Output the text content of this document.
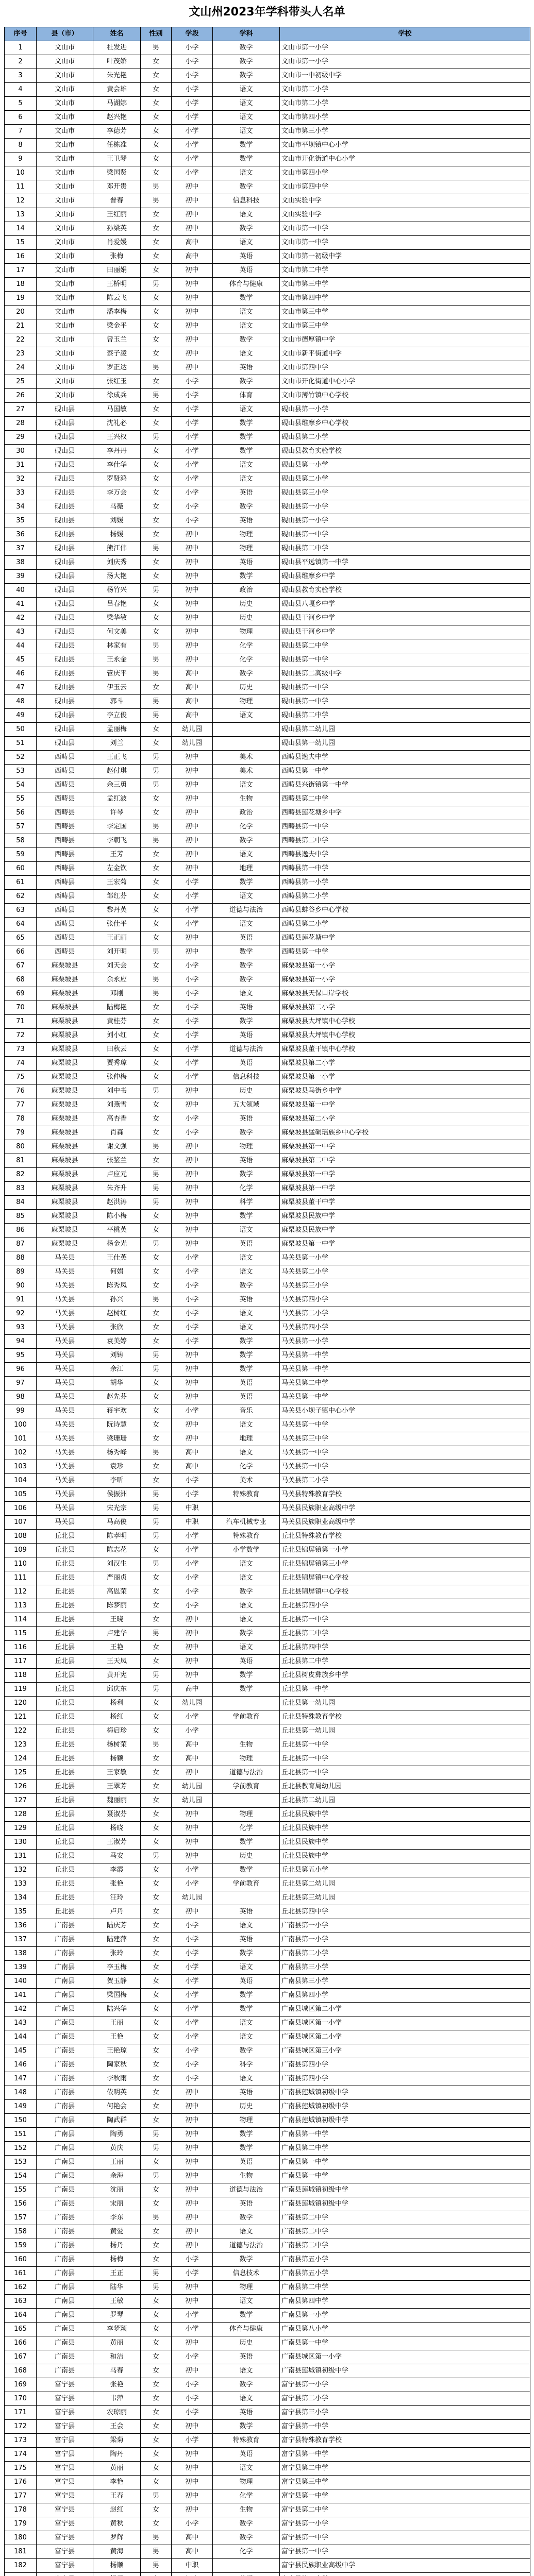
文山州2023年学科带头人名单
序号	县（市）	姓名	性别	学段	学科	学校
1	文山市	杜发进	男	小学	数学	文山市第一小学
2	文山市	叶茂娇	女	小学	数学	文山市第一小学
3	文山市	朱光艳	女	小学	数学	文山市一中初级中学
4	文山市	黄会雄	女	小学	语文	文山市第二小学
5	文山市	马湖娜	女	小学	语文	文山市第二小学
6	文山市	赵兴艳	女	小学	语文	文山市第四小学
7	文山市	李德芳	女	小学	语文	文山市第三小学
8	文山市	任栋准	女	小学	数学	文山市平坝镇中心小学
9	文山市	王卫琴	女	小学	数学	文山市开化街道中心小学
10	文山市	梁国贤	女	小学	语文	文山市第四小学
11	文山市	邓开贵	男	初中	数学	文山市第四中学
12	文山市	普春	男	初中	信息科技	文山实验中学
13	文山市	王红丽	女	初中	语文	文山实验中学
14	文山市	孙梁英	女	初中	数学	文山市第一中学
15	文山市	肖爱媛	女	高中	语文	文山市第一中学
16	文山市	张梅	女	高中	英语	文山市第一初级中学
17	文山市	田丽娟	女	初中	英语	文山市第二中学
18	文山市	王桥明	男	初中	体育与健康	文山市第三中学
19	文山市	陈云飞	女	初中	数学	文山市第四中学
20	文山市	潘李梅	女	初中	语文	文山市第三中学
21	文山市	梁金平	女	初中	语文	文山市第三中学
22	文山市	曾玉兰	女	初中	数学	文山市德厚镇中学
23	文山市	蔡子凌	女	初中	语文	文山市新平街道中学
24	文山市	罗正达	男	初中	英语	文山市第四中学
25	文山市	张红玉	女	小学	数学	文山市开化街道中心小学
26	文山市	徐成兵	男	小学	体育	文山市薄竹镇中心学校
27	砚山县	马国敏	女	小学	语文	砚山县第一小学
28	砚山县	沈礼必	女	小学	数学	砚山县维摩乡中心学校
29	砚山县	王兴权	男	小学	数学	砚山县第二小学
30	砚山县	李丹丹	女	小学	数学	砚山县教育实验学校
31	砚山县	李仕华	女	小学	语文	砚山县第一小学
32	砚山县	罗贤鸿	女	小学	语文	砚山县第二小学
33	砚山县	李万会	女	小学	英语	砚山县第三小学
34	砚山县	马薇	女	小学	数学	砚山县第一小学
35	砚山县	刘媛	女	小学	英语	砚山县第一小学
36	砚山县	杨媛	女	初中	物理	砚山县第一中学
37	砚山县	熊江伟	男	初中	物理	砚山县第二中学
38	砚山县	刘庆秀	女	初中	英语	砚山县平远镇第一中学
39	砚山县	汤大艳	女	初中	数学	砚山县维摩乡中学
40	砚山县	杨竹兴	男	初中	政治	砚山县教育实验学校
41	砚山县	吕春艳	女	初中	历史	砚山县八嘎乡中学
42	砚山县	梁华敏	女	初中	历史	砚山县干河乡中学
43	砚山县	何文美	女	初中	物理	砚山县干河乡中学
44	砚山县	林家有	男	初中	化学	砚山县第二中学
45	砚山县	王永金	男	初中	化学	砚山县第一中学
46	砚山县	管庆平	男	高中	数学	砚山县第二高级中学
47	砚山县	伊玉云	女	高中	历史	砚山县第一中学
48	砚山县	郭斗	男	高中	物理	砚山县第一中学
49	砚山县	李立俊	男	高中	语文	砚山县第二中学
50	砚山县	孟丽梅	女	幼儿园		砚山县第二幼儿园
51	砚山县	刘兰	女	幼儿园		砚山县第一幼儿园
52	西畴县	王正飞	男	初中	美术	西畴县逸夫中学
53	西畴县	赵付琪	男	初中	美术	西畴县第一中学
54	西畴县	余三勇	男	初中	语文	西畴县兴街镇第一中学
55	西畴县	孟红波	女	初中	生物	西畴县第二中学
56	西畴县	许琴	女	初中	政治	西畴县莲花塘乡中学
57	西畴县	李定国	男	初中	化学	西畴县第一中学
58	西畴县	李朝飞	男	初中	数学	西畴县第二中学
59	西畴县	王芳	女	初中	语文	西畴县逸夫中学
60	西畴县	左金钦	女	初中	地理	西畴县第一中学
61	西畴县	王宏菊	女	小学	数学	西畴县第一小学
62	西畴县	邹红芬	女	小学	语文	西畴县第二小学
63	西畴县	黎丹英	女	小学	道德与法治	西畴县蚌谷乡中心学校
64	西畴县	张仕平	女	小学	语文	西畴县第二小学
65	西畴县	王正丽	女	初中	英语	西畴县莲花塘中学
66	西畴县	刘开明	男	初中	数学	西畴县第一中学
67	麻栗坡县	刘天会	女	小学	数学	麻栗坡县第一小学
68	麻栗坡县	余永应	男	小学	数学	麻栗坡县第一小学
69	麻栗坡县	邓刚	男	小学	语文	麻栗坡县天保口岸学校
70	麻栗坡县	陆梅艳	女	小学	英语	麻栗坡县第二小学
71	麻栗坡县	黄桂芬	女	小学	数学	麻栗坡县大坪镇中心学校
72	麻栗坡县	刘小红	女	小学	英语	麻栗坡县大坪镇中心学校
73	麻栗坡县	田秋云	女	小学	道德与法治	麻栗坡县董干镇中心学校
74	麻栗坡县	贾秀琼	女	小学	英语	麻栗坡县第二小学
75	麻栗坡县	张仲梅	女	小学	信息科技	麻栗坡县第一小学
76	麻栗坡县	刘中书	男	初中	历史	麻栗坡县马街乡中学
77	麻栗坡县	刘燕雪	女	初中	五大领域	麻栗坡县第一中学
78	麻栗坡县	高杏香	女	小学	英语	麻栗坡县第二小学
79	麻栗坡县	肖森	女	小学	数学	麻栗坡县猛硐瑶族乡中心学校
80	麻栗坡县	谢文强	男	初中	物理	麻栗坡县第一中学
81	麻栗坡县	张鉴兰	女	初中	英语	麻栗坡县第二中学
82	麻栗坡县	卢应元	男	初中	数学	麻栗坡县第一中学
83	麻栗坡县	朱齐升	男	初中	化学	麻栗坡县第一中学
84	麻栗坡县	赵洪涛	男	初中	科学	麻栗坡县董干中学
85	麻栗坡县	陈小梅	女	初中	数学	麻栗坡县民族中学
86	麻栗坡县	平桃英	女	初中	语文	麻栗坡县民族中学
87	麻栗坡县	杨金光	男	初中	英语	麻栗坡县第一中学
88	马关县	王仕英	女	小学	语文	马关县第一小学
89	马关县	何娟	女	小学	语文	马关县第二小学
90	马关县	陈秀凤	女	小学	数学	马关县第三小学
91	马关县	孙兴	男	小学	英语	马关县第四小学
92	马关县	赵树红	女	小学	语文	马关县第二小学
93	马关县	张欣	女	小学	语文	马关县第四小学
94	马关县	袁美婷	女	小学	数学	马关县第一小学
95	马关县	刘铸	男	初中	数学	马关县第一中学
96	马关县	余江	男	初中	数学	马关县第一中学
97	马关县	胡华	女	初中	英语	马关县第二中学
98	马关县	赵先芬	女	初中	英语	马关县第一中学
99	马关县	蒋宇欢	女	小学	音乐	马关县小坝子镇中心小学
100	马关县	阮诗慧	女	初中	语文	马关县第一中学
101	马关县	梁珊珊	女	初中	地理	马关县第三中学
102	马关县	杨秀峰	男	高中	语文	马关县第一中学
103	马关县	袁珍	女	高中	化学	马关县第一中学
104	马关县	李昕	女	小学	美术	马关县第二小学
105	马关县	侯振洲	男	小学	特殊教育	马关县特殊教育学校
106	马关县	宋光宗	男	中职		马关县民族职业高级中学
107	马关县	马高俊	男	中职	汽车机械专业	马关县民族职业高级中学
108	丘北县	陈孝明	男	小学	特殊教育	丘北县特殊教育学校
109	丘北县	陈志花	女	小学	小学数学	丘北县锦屏镇第一小学
110	丘北县	刘汉生	男	小学	语文	丘北县锦屏镇第三小学
111	丘北县	严丽贞	女	小学	语文	丘北县锦屏镇中心学校
112	丘北县	高恩荣	女	小学	数学	丘北县锦屏镇中心学校
113	丘北县	陈梦丽	女	小学	语文	丘北县第四小学
114	丘北县	王晓	女	初中	语文	丘北县第一中学
115	丘北县	卢建华	男	初中	数学	丘北县第二中学
116	丘北县	王艳	女	初中	语文	丘北县第四中学
117	丘北县	王天凤	女	初中	英语	丘北县第二中学
118	丘北县	黄开宪	男	初中	数学	丘北县树皮彝族乡中学
119	丘北县	邱庆东	男	高中	数学	丘北县第一中学
120	丘北县	杨利	女	幼儿园		丘北县第一幼儿园
121	丘北县	杨红	女	小学	学前教育	丘北县特殊教育学校
122	丘北县	梅启珍	女	小学		丘北县第一幼儿园
123	丘北县	杨树荣	男	高中	生物	丘北县第一中学
124	丘北县	杨颖	女	高中	物理	丘北县第一中学
125	丘北县	王家敏	女	初中	道德与法治	丘北县第一中学
126	丘北县	王翠芳	女	幼儿园	学前教育	丘北县教育局幼儿园
127	丘北县	魏丽丽	女	幼儿园		丘北县第二幼儿园
128	丘北县	聂淑芬	女	初中	物理	丘北县民族中学
129	丘北县	杨晓	女	初中	化学	丘北县民族中学
130	丘北县	王淑芳	女	初中	数学	丘北县民族中学
131	丘北县	马安	男	初中	历史	丘北县民族中学
132	丘北县	李霞	女	小学	数学	丘北县第五小学
133	丘北县	张艳	女	小学	学前教育	丘北县第二幼儿园
134	丘北县	汪玲	女	幼儿园		丘北县第三幼儿园
135	丘北县	卢丹	女	初中	英语	丘北县第四中学
136	广南县	陆庆芳	女	小学	语文	广南县第一小学
137	广南县	陆建萍	女	小学	英语	广南县第一小学
138	广南县	张玲	女	小学	数学	广南县第二小学
139	广南县	李玉梅	女	小学	语文	广南县第三小学
140	广南县	贺玉静	女	小学	英语	广南县第三小学
141	广南县	梁国梅	女	小学	数学	广南县第四小学
142	广南县	陆兴华	女	小学	数学	广南县城区第二小学
143	广南县	王丽	女	小学	语文	广南县城区第一小学
144	广南县	王艳	女	小学	语文	广南县城区第二小学
145	广南县	王艳琼	女	小学	数学	广南县城区第三小学
146	广南县	陶家秋	女	小学	科学	广南县第四小学
147	广南县	李秋雨	女	小学	语文	广南县第四小学
148	广南县	侬明英	女	初中	英语	广南县莲城镇初级中学
149	广南县	何艳会	女	初中	历史	广南县莲城镇初级中学
150	广南县	陶武群	女	初中	物理	广南县莲城镇初级中学
151	广南县	陶勇	男	初中	数学	广南县第一中学
152	广南县	黄庆	男	初中	数学	广南县第二中学
153	广南县	王丽	女	初中	英语	广南县第一中学
154	广南县	余海	男	初中	生物	广南县第一中学
155	广南县	沈丽	女	初中	道德与法治	广南县莲城镇初级中学
156	广南县	宋丽	女	初中	英语	广南县莲城镇初级中学
157	广南县	李东	男	初中	数学	广南县第二中学
158	广南县	黄爱	女	初中	语文	广南县第二中学
159	广南县	杨丹	女	初中	道德与法治	广南县第二中学
160	广南县	杨梅	女	小学	数学	广南县第五小学
161	广南县	王正	男	小学	信息技术	广南县第五小学
162	广南县	陆华	男	初中	物理	广南县第二中学
163	广南县	王敏	女	初中	语文	广南县第四中学
164	广南县	罗琴	女	小学	数学	广南县第一小学
165	广南县	李梦颖	女	小学	体育与健康	广南县第八小学
166	广南县	黄丽	女	初中	历史	广南县第一中学
167	广南县	和洁	女	小学	英语	广南县城区第一小学
168	广南县	马春	女	初中	语文	广南县莲城镇初级中学
169	富宁县	张艳	女	小学	数学	富宁县第一小学
170	富宁县	韦萍	女	小学	语文	富宁县第二小学
171	富宁县	农琼丽	女	小学	英语	富宁县第三小学
172	富宁县	王会	女	初中	数学	富宁县第一中学
173	富宁县	梁菊	女	小学	特殊教育	富宁县特殊教育学校
174	富宁县	陶丹	女	初中	英语	富宁县第一中学
175	富宁县	黄丽	女	初中	语文	富宁县第二中学
176	富宁县	李艳	女	初中	物理	富宁县第三中学
177	富宁县	王春	男	初中	化学	富宁县第一中学
178	富宁县	赵红	女	初中	生物	富宁县第二中学
179	富宁县	黄秋	女	小学	数学	富宁县第一小学
180	富宁县	罗辉	男	高中	数学	富宁县第一中学
181	富宁县	黄海	男	高中	化学	富宁县第一中学
182	富宁县	杨顺	男	中职		富宁县民族职业高级中学
